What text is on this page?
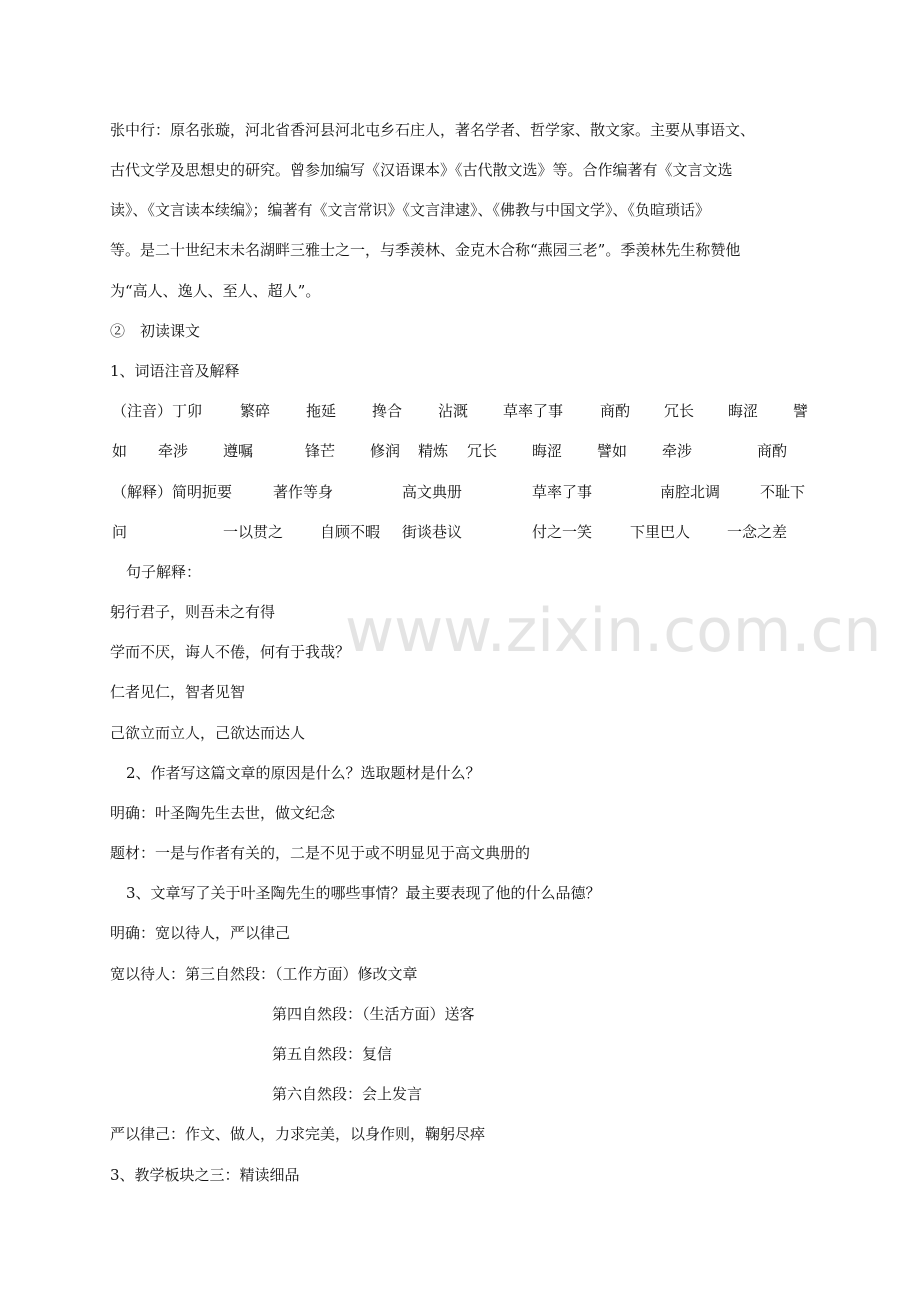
www.zixin.com.cn
张中行：原名张璇，河北省香河县河北屯乡石庄人，著名学者、哲学家、散文家。主要从事语文、
古代文学及思想史的研究。曾参加编写《汉语课本》《古代散文选》等。合作编著有《文言文选
读》、《文言读本续编》；编著有《文言常识》《文言津逮》、《佛教与中国文学》、《负暄琐话》
等。是二十世纪末未名湖畔三雅士之一，与季羡林、金克木合称“燕园三老”。季羡林先生称赞他
为“高人、逸人、至人、超人”。
②　初读课文
1、词语注音及解释
（注音）丁卯	繁碎 拖延 搀合 沾溉 草率了事 商酌 冗长 晦涩 譬
如 牵涉 遵嘱	锋芒 修润 精炼 冗长 晦涩 譬如 牵涉	商酌
（解释）简明扼要	著作等身	高文典册	草率了事	南腔北调	不耻下
问	一以贯之 自顾不暇 街谈巷议	付之一笑	下里巴人 一念之差
句子解释：
躬行君子，则吾未之有得
学而不厌，诲人不倦，何有于我哉？
仁者见仁，智者见智
己欲立而立人，己欲达而达人
2、作者写这篇文章的原因是什么？选取题材是什么？
明确：叶圣陶先生去世，做文纪念
题材：一是与作者有关的，二是不见于或不明显见于高文典册的
3、文章写了关于叶圣陶先生的哪些事情？最主要表现了他的什么品德？
明确：宽以待人，严以律己
宽以待人：第三自然段：（工作方面）修改文章
第四自然段：（生活方面）送客
第五自然段：复信
第六自然段：会上发言
严以律己：作文、做人，力求完美，以身作则，鞠躬尽瘁
3、教学板块之三：精读细品
